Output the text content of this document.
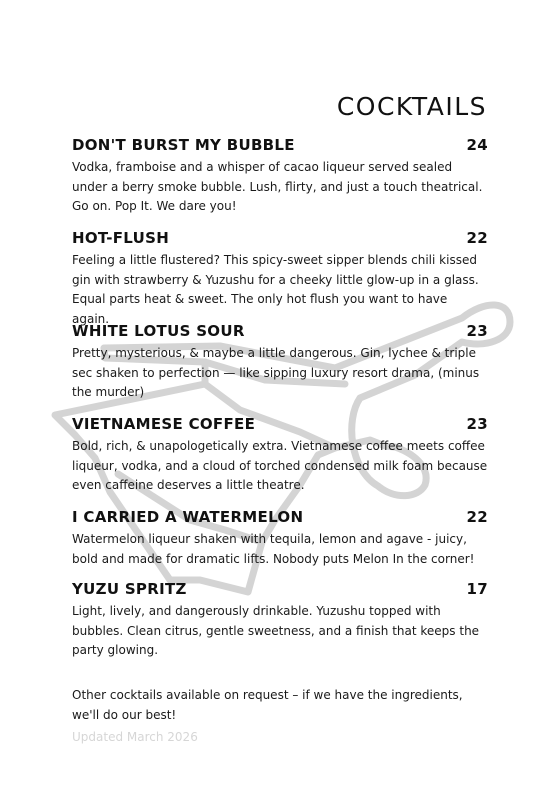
COCKTAILS
DON'T BURST MY BUBBLE	24

Vodka, framboise and a whisper of cacao liqueur served sealed under a berry smoke bubble. Lush, flirty, and just a touch theatrical. Go on. Pop It. We dare you!

HOT-FLUSH	22

Feeling a little flustered? This spicy-sweet sipper blends chili kissed gin with strawberry & Yuzushu for a cheeky little glow-up in a glass. Equal parts heat & sweet. The only hot flush you want to have again.

WHITE LOTUS SOUR	23

Pretty, mysterious, & maybe a little dangerous. Gin, lychee & triple sec shaken to perfection — like sipping luxury resort drama, (minus the murder)

VIETNAMESE COFFEE	23

Bold, rich, & unapologetically extra. Vietnamese coffee meets coffee liqueur, vodka, and a cloud of torched condensed milk foam because even caffeine deserves a little theatre.

I CARRIED A WATERMELON	22

Watermelon liqueur shaken with tequila, lemon and agave - juicy, bold and made for dramatic lifts. Nobody puts Melon In the corner!

YUZU SPRITZ	17

Light, lively, and dangerously drinkable. Yuzushu topped with bubbles. Clean citrus, gentle sweetness, and a finish that keeps the party glowing.

Other cocktails available on request – if we have the ingredients, we'll do our best!

Updated March 2026
